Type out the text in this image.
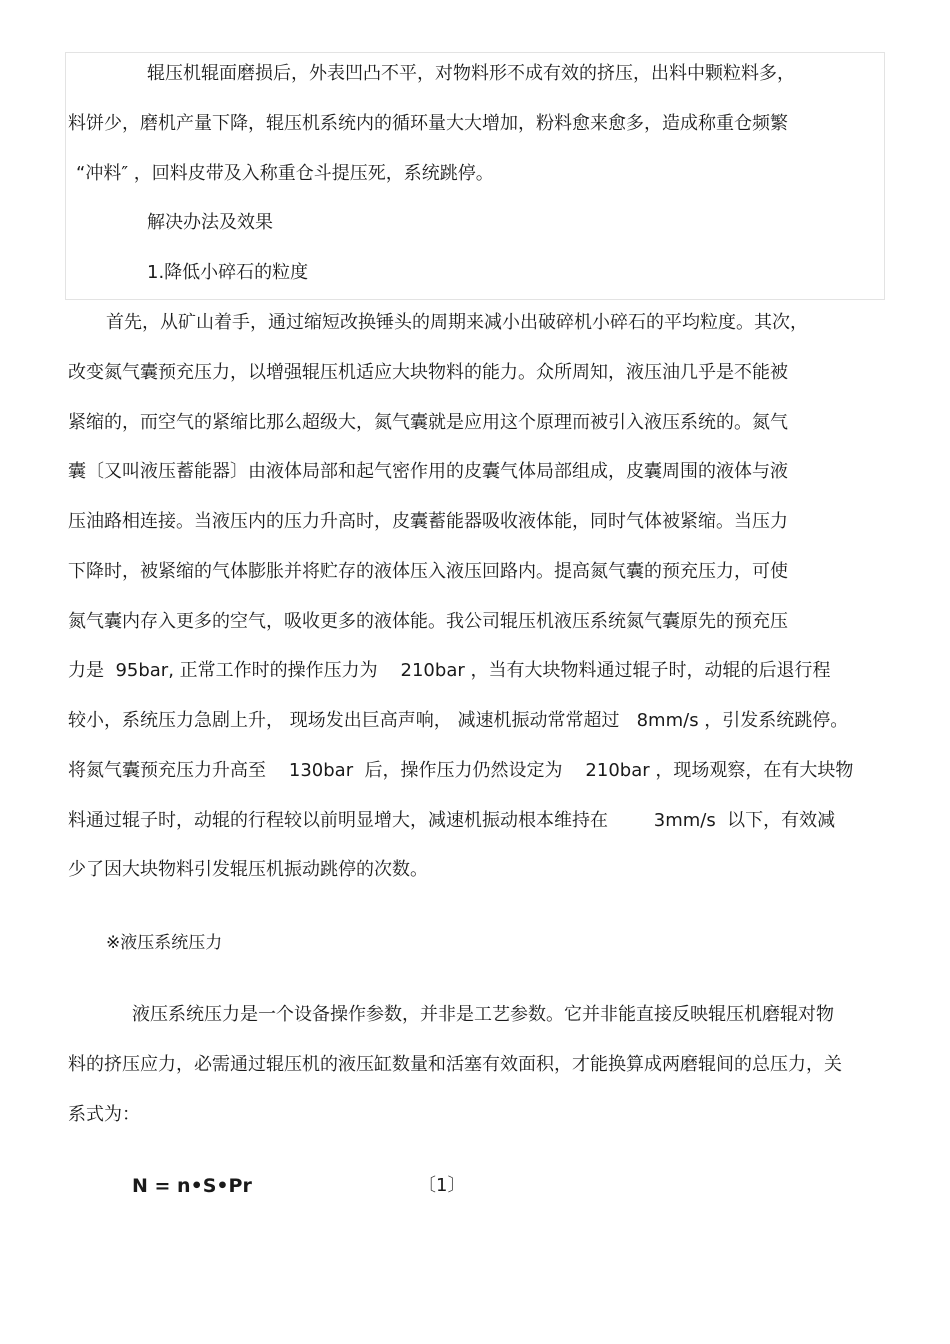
辊压机辊面磨损后，外表凹凸不平，对物料形不成有效的挤压，出料中颗粒料多，
料饼少，磨机产量下降，辊压机系统内的循环量大大增加，粉料愈来愈多，造成称重仓频繁
“冲料″ ，回料皮带及入称重仓斗提压死，系统跳停。
解决办法及效果
1.降低小碎石的粒度
首先，从矿山着手，通过缩短改换锤头的周期来减小出破碎机小碎石的平均粒度。其次，
改变氮气囊预充压力，以增强辊压机适应大块物料的能力。众所周知，液压油几乎是不能被
紧缩的，而空气的紧缩比那么超级大，氮气囊就是应用这个原理而被引入液压系统的。氮气
囊〔又叫液压蓄能器〕由液体局部和起气密作用的皮囊气体局部组成，皮囊周围的液体与液
压油路相连接。当液压内的压力升高时，皮囊蓄能器吸收液体能，同时气体被紧缩。当压力
下降时，被紧缩的气体膨胀并将贮存的液体压入液压回路内。提高氮气囊的预充压力，可使
氮气囊内存入更多的空气，吸收更多的液体能。我公司辊压机液压系统氮气囊原先的预充压
力是  95bar, 正常工作时的操作压力为    210bar ，当有大块物料通过辊子时，动辊的后退行程
较小，系统压力急剧上升， 现场发出巨高声响， 减速机振动常常超过   8mm/s ，引发系统跳停。
将氮气囊预充压力升高至    130bar  后，操作压力仍然设定为    210bar ，现场观察，在有大块物
料通过辊子时，动辊的行程较以前明显增大，减速机振动根本维持在        3mm/s  以下，有效减
少了因大块物料引发辊压机振动跳停的次数。
※液压系统压力
液压系统压力是一个设备操作参数，并非是工艺参数。它并非能直接反映辊压机磨辊对物
料的挤压应力，必需通过辊压机的液压缸数量和活塞有效面积，才能换算成两磨辊间的总压力，关
系式为：
N = n•S•Pr	〔1〕
